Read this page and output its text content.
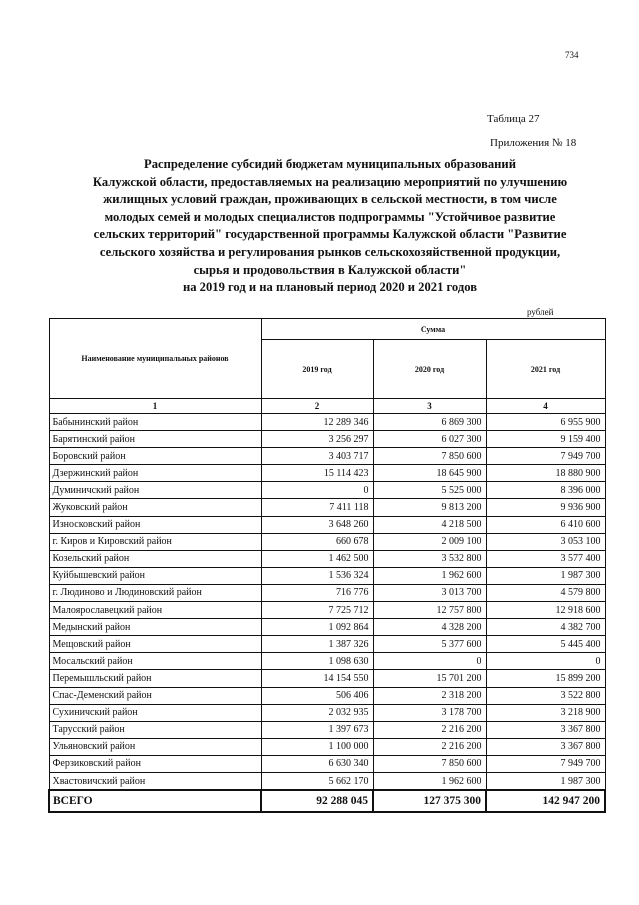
734
Таблица 27
Приложения № 18
Распределение субсидий бюджетам муниципальных образований
Калужской области, предоставляемых на реализацию мероприятий по улучшению
жилищных условий граждан, проживающих в сельской местности, в том числе
молодых семей и молодых специалистов подпрограммы "Устойчивое развитие
сельских территорий" государственной программы Калужской области "Развитие
сельского хозяйства и регулирования рынков сельскохозяйственной продукции,
сырья и продовольствия в Калужской области"
на 2019 год и на плановый период 2020 и 2021 годов
рублей
Наименование муниципальных районов	Сумма		
	2019 год	2020 год	2021 год
1	2	3	4
Бабынинский район	12 289 346	6 869 300	6 955 900
Барятинский район	3 256 297	6 027 300	9 159 400
Боровский район	3 403 717	7 850 600	7 949 700
Дзержинский район	15 114 423	18 645 900	18 880 900
Думиничский район	0	5 525 000	8 396 000
Жуковский район	7 411 118	9 813 200	9 936 900
Износковский район	3 648 260	4 218 500	6 410 600
г. Киров и Кировский район	660 678	2 009 100	3 053 100
Козельский район	1 462 500	3 532 800	3 577 400
Куйбышевский район	1 536 324	1 962 600	1 987 300
г. Людиново и Людиновский район	716 776	3 013 700	4 579 800
Малоярославецкий район	7 725 712	12 757 800	12 918 600
Медынский район	1 092 864	4 328 200	4 382 700
Мещовский район	1 387 326	5 377 600	5 445 400
Мосальский район	1 098 630	0	0
Перемышльский район	14 154 550	15 701 200	15 899 200
Спас-Деменский район	506 406	2 318 200	3 522 800
Сухиничский район	2 032 935	3 178 700	3 218 900
Тарусский район	1 397 673	2 216 200	3 367 800
Ульяновский район	1 100 000	2 216 200	3 367 800
Ферзиковский район	6 630 340	7 850 600	7 949 700
Хвастовичский район	5 662 170	1 962 600	1 987 300
ВСЕГО	92 288 045	127 375 300	142 947 200
